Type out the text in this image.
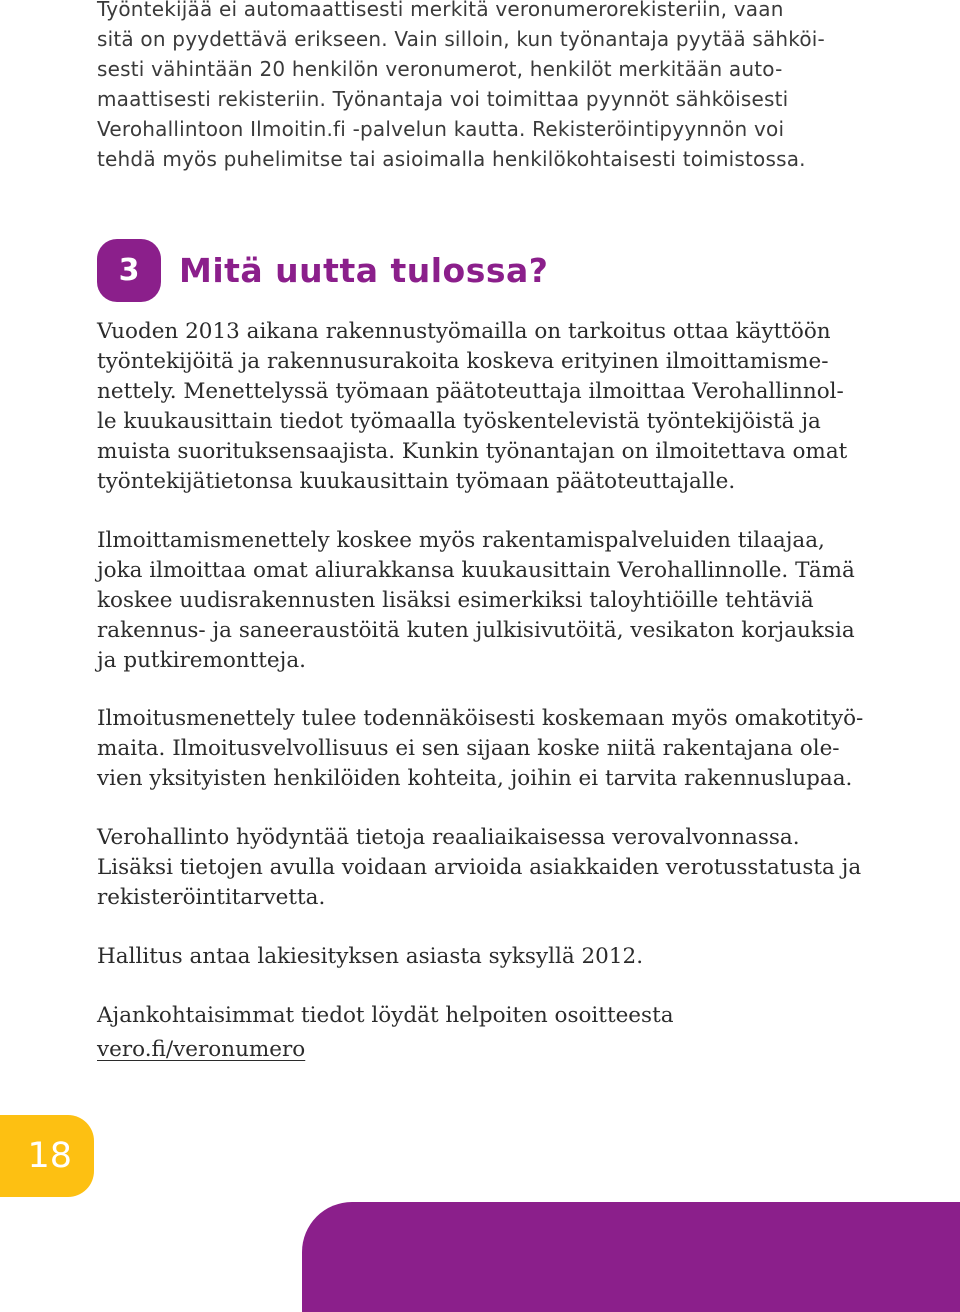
Työntekijää ei automaattisesti merkitä veronumerorekisteriin, vaan
sitä on pyydettävä erikseen. Vain silloin, kun työnantaja pyytää sähköi-
sesti vähintään 20 henkilön veronumerot, henkilöt merkitään auto-
maattisesti rekisteriin. Työnantaja voi toimittaa pyynnöt sähköisesti
Verohallintoon Ilmoitin.fi -palvelun kautta. Rekisteröintipyynnön voi
tehdä myös puhelimitse tai asioimalla henkilökohtaisesti toimistossa.

3	Mitä uutta tulossa?

Vuoden 2013 aikana rakennustyömailla on tarkoitus ottaa käyttöön
työntekijöitä ja rakennusurakoita koskeva erityinen ilmoittamisme-
nettely. Menettelyssä työmaan päätoteuttaja ilmoittaa Verohallinnol-
le kuukausittain tiedot työmaalla työskentelevistä työntekijöistä ja
muista suorituksensaajista. Kunkin työnantajan on ilmoitettava omat
työntekijätietonsa kuukausittain työmaan päätoteuttajalle.

Ilmoittamismenettely koskee myös rakentamispalveluiden tilaajaa,
joka ilmoittaa omat aliurakkansa kuukausittain Verohallinnolle. Tämä
koskee uudisrakennusten lisäksi esimerkiksi taloyhtiöille tehtäviä
rakennus- ja saneeraustöitä kuten julkisivutöitä, vesikaton korjauksia
ja putkiremontteja.

Ilmoitusmenettely tulee todennäköisesti koskemaan myös omakotityö-
maita. Ilmoitusvelvollisuus ei sen sijaan koske niitä rakentajana ole-
vien yksityisten henkilöiden kohteita, joihin ei tarvita rakennuslupaa.

Verohallinto hyödyntää tietoja reaaliaikaisessa verovalvonnassa.
Lisäksi tietojen avulla voidaan arvioida asiakkaiden verotusstatusta ja
rekisteröintitarvetta.

Hallitus antaa lakiesityksen asiasta syksyllä 2012.

Ajankohtaisimmat tiedot löydät helpoiten osoitteesta
vero.fi/veronumero
18
